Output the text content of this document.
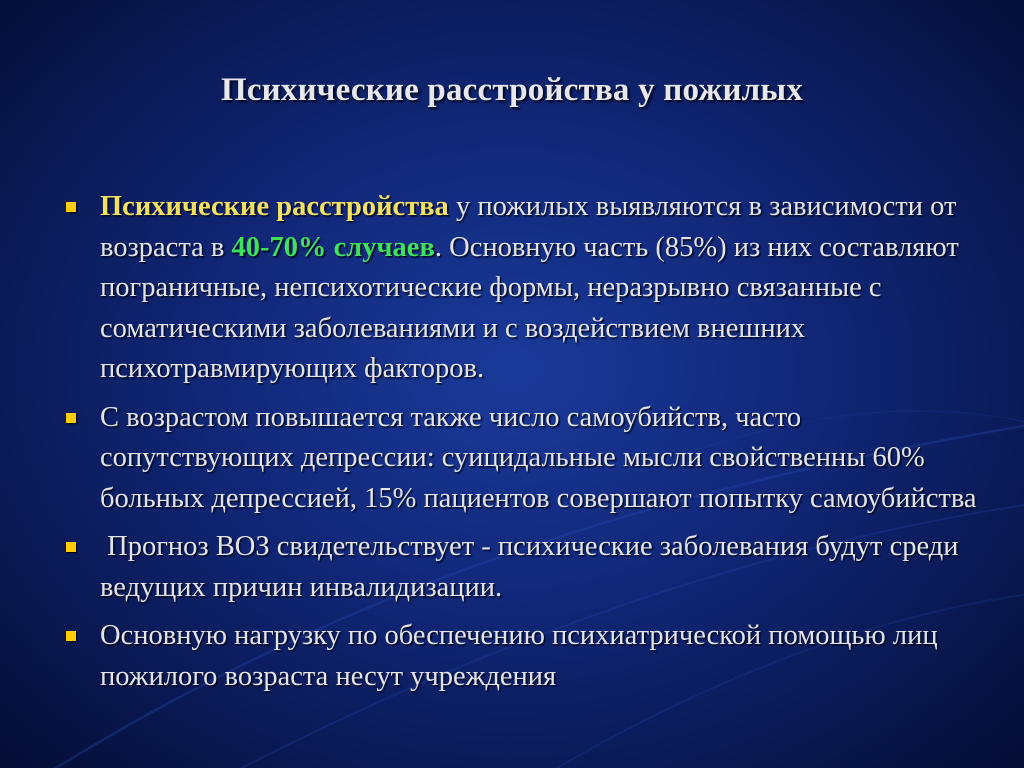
Психические расстройства у пожилых
Психические расстройства у пожилых выявляются в зависимости от возраста в 40-70% случаев. Основную часть (85%) из них составляют пограничные, непсихотические формы, неразрывно связанные с соматическими заболеваниями и с воздействием внешних психотравмирующих факторов.
С возрастом повышается также число самоубийств, часто сопутствующих депрессии: суицидальные мысли свойственны 60% больных депрессией, 15% пациентов совершают попытку самоубийства
Прогноз ВОЗ свидетельствует - психические заболевания будут среди ведущих причин инвалидизации.
Основную нагрузку по обеспечению психиатрической помощью лиц пожилого возраста несут учреждения
